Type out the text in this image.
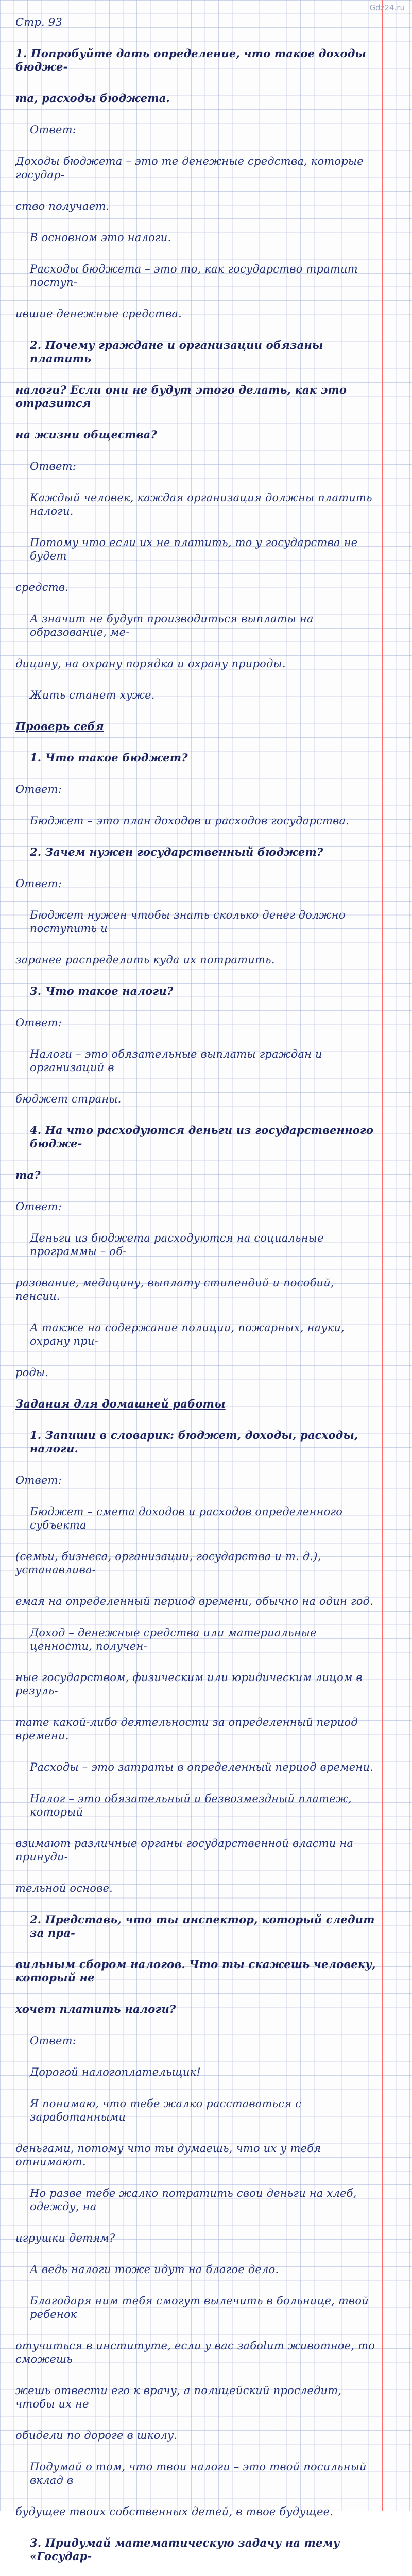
Gdz24.ru
Стр. 93
1. Попробуйте дать определение, что такое доходы бюдже-
та, расходы бюджета.
Ответ:
Доходы бюджета – это те денежные средства, которые государ-
ство получает.
В основном это налоги.
Расходы бюджета – это то, как государство тратит поступ-
ившие денежные средства.
2. Почему граждане и организации обязаны платить
налоги? Если они не будут этого делать, как это отразится
на жизни общества?
Ответ:
Каждый человек, каждая организация должны платить налоги.
Потому что если их не платить, то у государства не будет
средств.
А значит не будут производиться выплаты на образование, ме-
дицину, на охрану порядка и охрану природы.
Жить станет хуже.
Проверь себя
1. Что такое бюджет?
Ответ:
Бюджет – это план доходов и расходов государства.
2. Зачем нужен государственный бюджет?
Ответ:
Бюджет нужен чтобы знать сколько денег должно поступить и
заранее распределить куда их потратить.
3. Что такое налоги?
Ответ:
Налоги – это обязательные выплаты граждан и организаций в
бюджет страны.
4. На что расходуются деньги из государственного бюдже-
та?
Ответ:
Деньги из бюджета расходуются на социальные программы – об-
разование, медицину, выплату стипендий и пособий, пенсии.
А также на содержание полиции, пожарных, науки, охрану при-
роды.
Задания для домашней работы
1. Запиши в словарик: бюджет, доходы, расходы, налоги.
Ответ:
Бюджет – смета доходов и расходов определенного субъекта
(семьи, бизнеса, организации, государства и т. д.), устанавлива-
емая на определенный период времени, обычно на один год.
Доход – денежные средства или материальные ценности, получен-
ные государством, физическим или юридическим лицом в резуль-
тате какой-либо деятельности за определенный период времени.
Расходы – это затраты в определенный период времени.
Налог – это обязательный и безвозмездный платеж, который
взимают различные органы государственной власти на принуди-
тельной основе.
2. Представь, что ты инспектор, который следит за пра-
вильным сбором налогов. Что ты скажешь человеку, который не
хочет платить налоги?
Ответ:
Дорогой налогоплательщик!
Я понимаю, что тебе жалко расставаться с заработанными
деньгами, потому что ты думаешь, что их у тебя отнимают.
Но разве тебе жалко потратить свои деньги на хлеб, одежду, на
игрушки детям?
А ведь налоги тоже идут на благое дело.
Благодаря ним тебя смогут вылечить в больнице, твой ребенок
отучиться в институте, если у вас забolит животное, то сможешь
жешь отвести его к врачу, а полицейский проследит, чтобы их не
обидели по дороге в школу.
Подумай о том, что твои налоги – это твой посильный вклад в
будущее твоих собственных детей, в твое будущее.
3. Придумай математическую задачу на тему «Государ-
